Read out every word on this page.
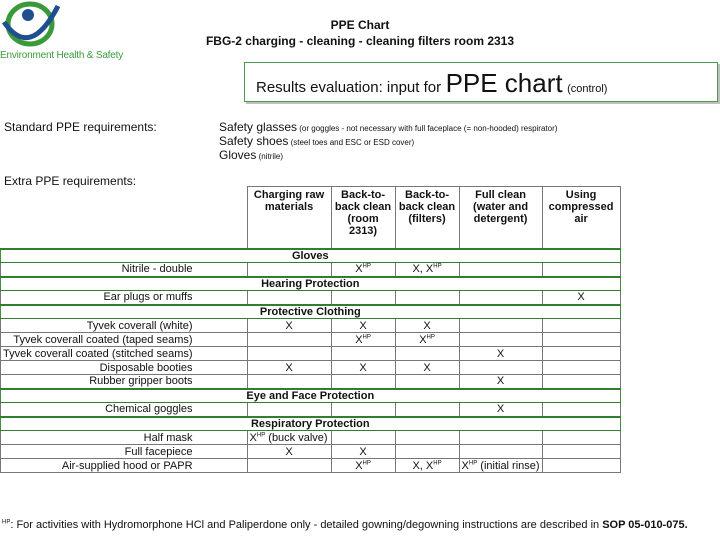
Environment Health & Safety
PPE Chart
FBG-2 charging - cleaning - cleaning filters room 2313
Results evaluation: input for PPE chart (control)
Standard PPE requirements:	Safety glasses (or goggles - not necessary with full faceplace (= non-hooded) respirator)
Safety shoes (steel toes and ESC or ESD cover)
Gloves (nitrile)
Extra PPE requirements:
	Charging raw materials	Back-to-back clean (room 2313)	Back-to-back clean (filters)	Full clean (water and detergent)	Using compressed air
Gloves					
Nitrile - double		$X^{HP}$	X, $X^{HP}$		
Hearing Protection					
Ear plugs or muffs					X
Protective Clothing					
Tyvek coverall (white)	X	X	X		
Tyvek coverall coated (taped seams)		$X^{HP}$	$X^{HP}$		
Tyvek coverall coated (stitched seams)				X	
Disposable booties	X	X	X		
Rubber gripper boots				X	
Eye and Face Protection					
Chemical goggles				X	
Respiratory Protection					
Half mask	$X^{HP}$ (buck valve)				
Full facepiece	X	X			
Air-supplied hood or PAPR		$X^{HP}$	X, $X^{HP}$	$X^{HP}$ (initial rinse)	
$^{HP}$: For activities with Hydromorphone HCl and Paliperdone only - detailed gowning/degowning instructions are described in SOP 05-010-075.
